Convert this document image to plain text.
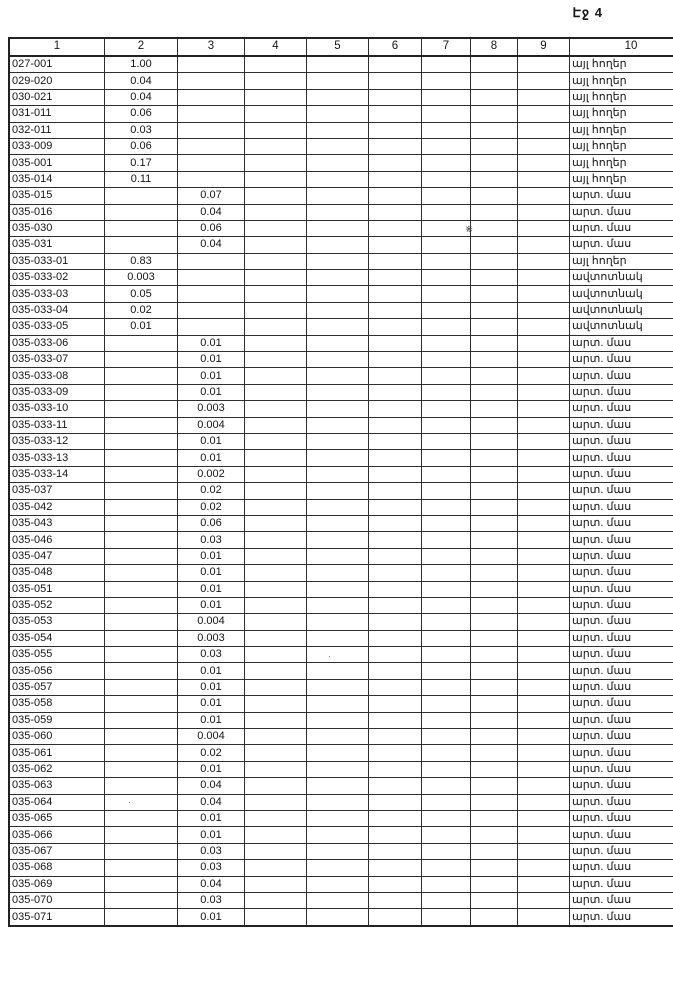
Էջ 4
1	2	3	4	5	6	7	8	9	10
027-001	1.00								այլ հողեր
029-020	0.04								այլ հողեր
030-021	0.04								այլ հողեր
031-011	0.06								այլ հողեր
032-011	0.03								այլ հողեր
033-009	0.06								այլ հողեր
035-001	0.17								այլ հողեր
035-014	0.11								այլ հողեր
035-015		0.07							արտ. մաս
035-016		0.04							արտ. մաս
035-030		0.06							արտ. մաս
035-031		0.04							արտ. մաս
035-033-01	0.83								այլ հողեր
035-033-02	0.003								ավտոտնակ
035-033-03	0.05								ավտոտնակ
035-033-04	0.02								ավտոտնակ
035-033-05	0.01								ավտոտնակ
035-033-06		0.01							արտ. մաս
035-033-07		0.01							արտ. մաս
035-033-08		0.01							արտ. մաս
035-033-09		0.01							արտ. մաս
035-033-10		0.003							արտ. մաս
035-033-11		0.004							արտ. մաս
035-033-12		0.01							արտ. մաս
035-033-13		0.01							արտ. մաս
035-033-14		0.002							արտ. մաս
035-037		0.02							արտ. մաս
035-042		0.02							արտ. մաս
035-043		0.06							արտ. մաս
035-046		0.03							արտ. մաս
035-047		0.01							արտ. մաս
035-048		0.01							արտ. մաս
035-051		0.01							արտ. մաս
035-052		0.01							արտ. մաս
035-053		0.004							արտ. մաս
035-054		0.003							արտ. մաս
035-055		0.03							արտ. մաս
035-056		0.01							արտ. մաս
035-057		0.01							արտ. մաս
035-058		0.01							արտ. մաս
035-059		0.01							արտ. մաս
035-060		0.004							արտ. մաս
035-061		0.02							արտ. մաս
035-062		0.01							արտ. մաս
035-063		0.04							արտ. մաս
035-064		0.04							արտ. մաս
035-065		0.01							արտ. մաս
035-066		0.01							արտ. մաս
035-067		0.03							արտ. մաս
035-068		0.03							արտ. մաս
035-069		0.04							արտ. մաս
035-070		0.03							արտ. մաս
035-071		0.01							արտ. մաս
⋇
·
·
